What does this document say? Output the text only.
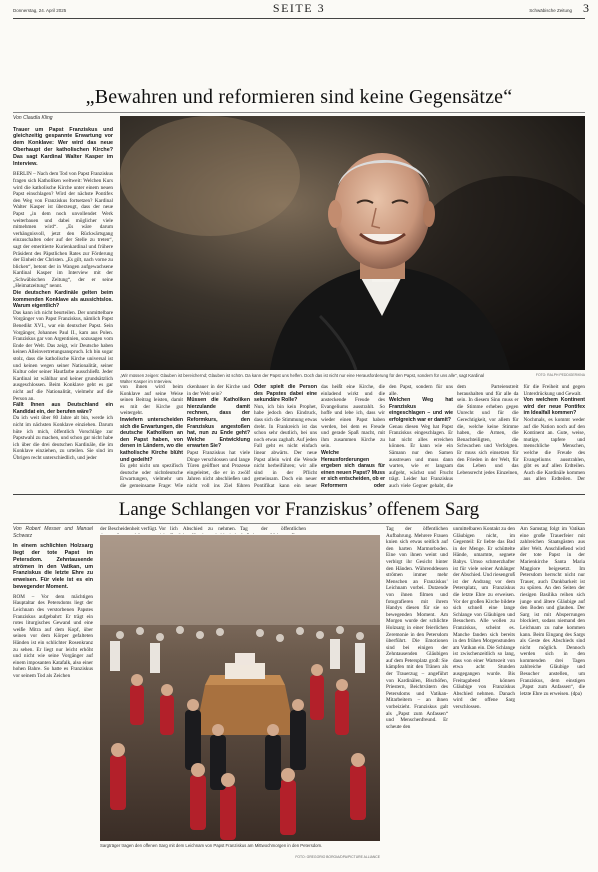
Donnerstag, 24. April 2025	SEITE 3	Schwäbische Zeitung 3
„Bewahren und reformieren sind keine Gegensätze“
Von Claudia Kling
Trauer um Papst Franziskus und gleichzeitig gespannte Erwartung vor dem Konklave: Wer wird das neue Oberhaupt der katholischen Kirche? Das sagt Kardinal Walter Kasper im Interview.

BERLIN – Nach dem Tod von Papst Franziskus fragen sich Katholiken weltweit: Welchen Kurs wird die katholische Kirche unter einem neuen Papst einschlagen? Wird der nächste Pontifex den Weg von Franziskus fortsetzen? Kardinal Walter Kasper ist überzeugt, dass der neue Papst „in dem noch unvollendet Werk weiterbauen und dabei möglicher viele mitnehmen wird“. „Es wäre darum verhängnisvoll, jetzt den Rückwärtsgang einzuschalten oder auf der Stelle zu treten“, sagt der emeritierte Kurienkardinal und frühere Präsident des Päpstlichen Rates zur Förderung der Einheit der Christen. „Es gilt, nach vorne zu blicken“, betont der in Wangen aufgewachsene Kardinal Kasper im Interview mit der „Schwäbischen Zeitung“, der er seine „Heimatzeitung“ nennt.

Die deutschen Kardinäle gelten beim kommenden Konklave als aussichtslos. Warum eigentlich?

Das kann ich nicht beurteilen. Der unmittelbare Vorgänger von Papst Franziskus, nämlich Papst Benedikt XVI., war ein deutscher Papst. Sein Vorgänger, Johannes Paul II., kam aus Polen. Franziskus gar von Argentinien, sozusagen vom Ende der Welt. Das zeigt, wir Deutsche haben keinen Alleinvertretungsanspruch. Ich bin sogar stolz, dass die katholische Kirche universal ist und keinen wegen seiner Nationalität, seiner Kultur oder seiner Hautfarbe ausschließt. Jeder Kardinal ist wählbar und keiner grundsätzlich ausgeschlossen. Beim Konklave geht es gar nicht auf die Nationalität, vielmehr auf die Person an.

Fällt Ihnen aus Deutschland ein Kandidat ein, der berufen wäre?

Da ich weit über 80 Jahre alt bin, werde ich nicht im nächsten Konklave einziehen. Darum hüte ich mich, öffentlich Vorschläge zur Papstwahl zu machen, und schon gar nicht habe ich über die drei deutschen Kardinäle, die im Konklave einziehen, zu urteilen. Sie sind im Übrigen recht unterschiedlich, und jeder

„Wir müssen zeigen: Glauben ist bereichernd; Glauben ist schön. Da kann der Papst uns helfen. Doch das ist nicht nur eine Herausforderung für den Papst, sondern für uns alle“, sagt Kardinal Walter Kasper im Interview.
FOTO: RALPH PEDDIGER/KNA

von ihnen wird beim Konklave auf seine Weise seinen Beitrag leisten, damit es mit der Kirche gut weitergeht.

Inwiefern unterscheiden sich die Erwartungen, die deutsche Katholiken an den Papst haben, von denen in Ländern, wo die katholische Kirche blüht und gedeiht?

Es geht nicht um spezifisch deutsche oder nichtdeutsche Erwartungen, vielmehr um die gemeinsame Frage: Wie

ckenbauer in der Kirche und in der Welt sein?

Müssen die Katholiken hierzulande damit rechnen, dass der Reformkurs, den Franziskus angestoßen hat, nun zu Ende geht? Welche Entwicklung erwarten Sie?

Papst Franziskus hat viele Dinge verschlossen und lange Türen geöffnet und Prozesse eingeleitet, die er in zwölf Jahren nicht abschließen und nicht voll ins Ziel führen

Oder spielt die Person des Papstes dabei eine sekundäre Rolle?

Nun, ich bin kein Prophet, habe jedoch den Eindruck, dass sich die Stimmung etwas dreht. In Frankreich ist das schon sehr deutlich, bei uns noch etwas zaghaft. Auf jeden Fall geht es nicht einfach linear abwärts. Der neue Papst allein wird die Wende nicht herbeiführen; wir alle sind in der Pflicht gemeinsam. Doch ein neuer Pontifikat kann ein neuer

das heißt eine Kirche, die einladend wirkt und die ansteckende Freude des Evangeliums ausstrahlt. So hoffe und lebe ich, dass wir wieder einen Papst haben werden, bei dem es Freude und gerade Spaß macht, mit ihm zusammen Kirche zu sein.

Welche Herausforderungen ergeben sich daraus für einen neuen Papst? Muss er sich entscheiden, ob er Reformern oder

den Papst, sondern für uns alle.

Welchen Weg hat Franziskus eingeschlagen – und wie erfolgreich war er damit?

Genau diesen Weg hat Papst Franziskus eingeschlagen. Er hat nicht alles erreichen können. Er kann wie ein Sämann nur den Samen ausstreuen und muss dann warten, wie er langsam aufgeht, wächst und Frucht trägt. Leider hat Franziskus auch viele Gegner gehabt, die

dem Parteienstreit heraushalten und für alle da sein. In diesem Sinn muss er die Stimme erheben gegen Unrecht und für die Gerechtigkeit, vor allem für die, welche keine Stimme haben, die Armen, die Benachteiligten, die Schwachen und Verfolgten. Er muss sich einsetzen für den Frieden in der Welt, für das Leben und das Lebensrecht jedes Einzelnen, für die Freiheit und gegen Unterdrückung und Gewalt.

Von welchem Kontinent wird der neue Pontifex im Idealfall kommen?

Nochmals, es kommt weder auf die Nation noch auf den Kontinent an. Gute, weise, mutige, tapfere und menschliche Menschen, welche die Freude des Evangeliums ausstrahlen, gibt es auf allen Erdteilen. Auch die Kardinäle kommen aus allen Erdteilen. Der

Lange Schlangen vor Franziskus’ offenem Sarg
Von Robert Messer und Manuel Schwarz
In einem schlichten Holzsarg liegt der tote Papst im Petersdom. Zehntausende strömen in den Vatikan, um Franziskus die letzte Ehre zu erweisen. Für viele ist es ein bewegender Moment.

ROM – Vor dem mächtigen Hauptaltar des Petersdoms liegt der Leichnam des verstorbenen Papstes Franziskus aufgebahrt: Er trägt ein rotes liturgisches Gewand und eine weiße Mitra auf dem Kopf, über seinen vor dem Körper gefalteten Händen ist ein schlichter Rosenkranz zu sehen. Er liegt nur leicht erhöht und nicht wie seine Vorgänger auf einem imposanten Katafalk, also einer hohen Bahre. So hatte es Franziskus vor seinem Tod als Zeichen

der Bescheidenheit verfügt. Vor lich Abschied zu nehmen. Tag der öffentlichen

Sargträger tragen den offenen Sarg mit dem Leichnam von Papst Franziskus am Mittwochmorgen in den Petersdom.
FOTO: GREGORIO BORGIA/DPA/PICTURE ALLIANCE

Tag der öffentlichen Aufbahrung. Mehrere Frauen knien sich etwas seitlich auf den harten Marmorboden. Eine von ihnen weint und verbirgt ihr Gesicht hinter den Händen. Währenddessen strömen immer mehr Menschen an Franziskus’ Leichnam vorbei. Dutzende von ihnen filmen und fotografieren mit ihrem Handys diesen für sie so bewegenden Moment. Am Morgen wurde der schlichte Holzsarg in einer feierlichen Zeremonie in den Petersdom überführt. Die Emotionen sind bei einigen der Zehntausenden Gläubigen auf dem Petersplatz groß: Sie kämpfen mit den Tränen als der Trauerzug – angeführt von Kardinälen, Bischöfen, Priestern, Beichtvätern des Petersdoms und Vatikan-Mitarbeitern – an ihnen vorbeizieht. Franziskus galt als „Papst zum Anfassen“ und Menschenfreund. Er scheute den

unmittelbaren Kontakt zu den Gläubigen nicht, im Gegenteil: Er liebte das Bad in der Menge. Er schüttelte Hände, umarmte, segnete Babys. Umso schmerzhafter ist für viele seiner Anhänger der Abschied. Und riesengroß ist der Andrang vor dem Petersplatz, um Franziskus die letzte Ehre zu erweisen. Vor der großen Kirche bildete sich schnell eine lange Schlange von Gläubigen und Besuchern. Alle wollen zu Franziskus, scheint es. Manche fanden sich bereits in den frühen Morgenstunden am Vatikan ein. Die Schlange ist zwischenzeitlich so lang, dass von einer Wartezeit von etwa acht Stunden ausgegangen wurde. Bis Freitagabend können Gläubige von Franziskus Abschied nehmen. Danach wird der offene Sarg verschlossen.

Am Samstag folgt im Vatikan eine große Trauerfeier mit zahlreichen Staatsgästen aus aller Welt. Anschließend wird der tote Papst in der Marienkirche Santa Maria Maggiore beigesetzt. Im Petersdom herrscht nicht nur Trauer, auch Dankbarkeit ist zu spüren. An den Seiten der riesigen Basilika reihen sich junge und ältere Gläubige auf den Boden und glauben. Der Sarg ist mit Absperrungen blockiert, sodass niemand den Leichnam zu nahe kommen kann. Beim Eingang des Sargs als Geste des Abschieds sind nicht möglich. Dennoch werden sich in den kommenden drei Tagen zahlreiche Gläubige und Besucher anstellen, um Franziskus, dem einstigen „Papst zum Anfassen“, die letzte Ehre zu erweisen. (dpa)
